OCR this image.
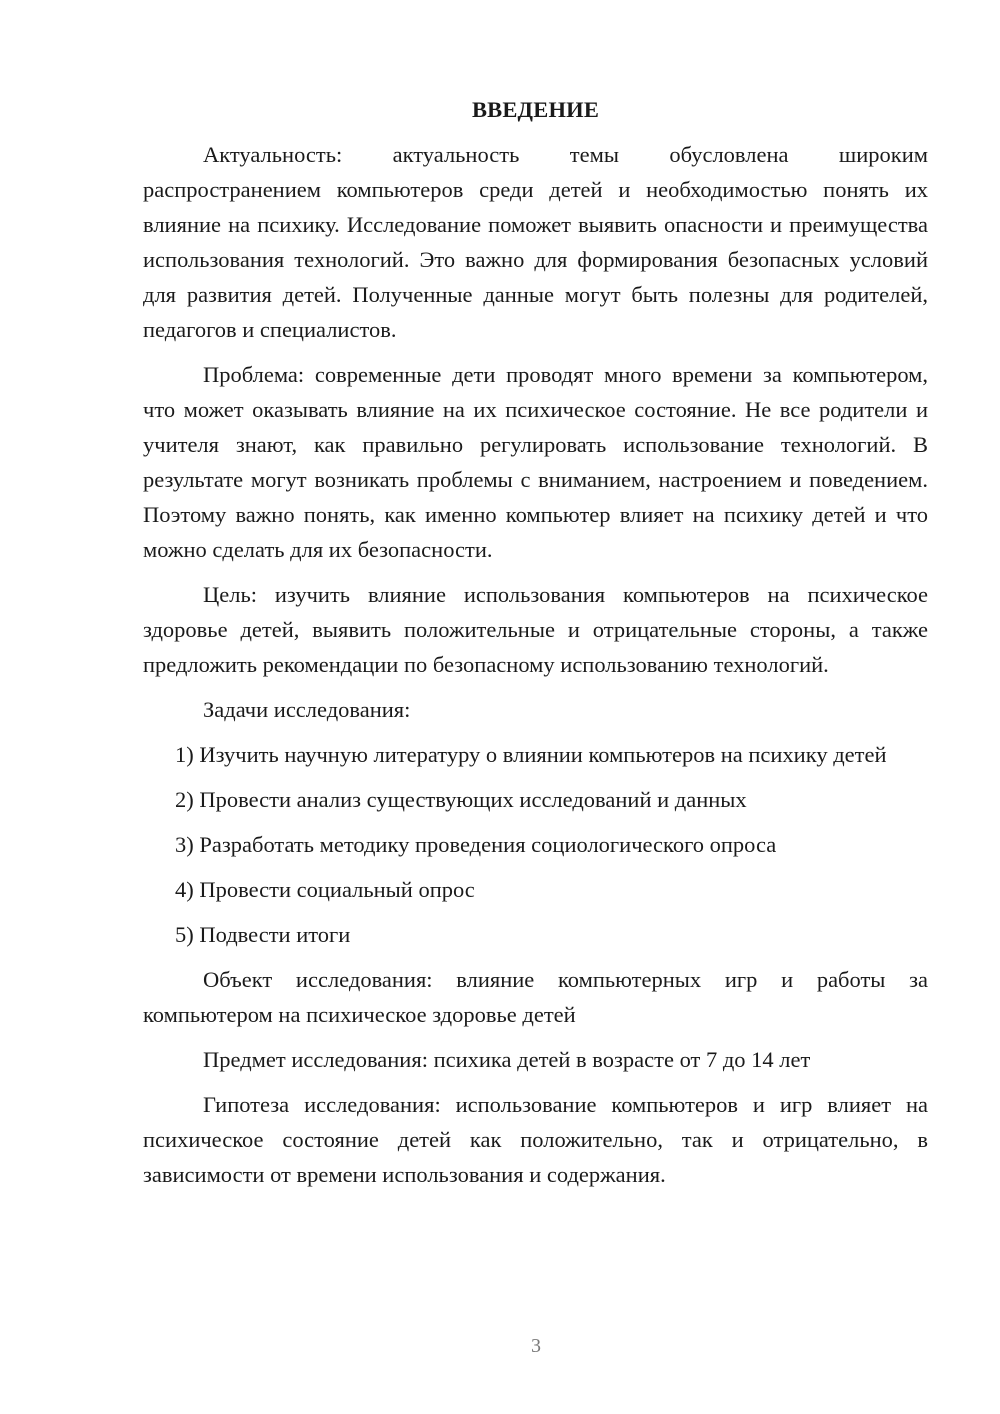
ВВЕДЕНИЕ

Актуальность: актуальность темы обусловлена широким распространением компьютеров среди детей и необходимостью понять их влияние на психику. Исследование поможет выявить опасности и преимущества использования технологий. Это важно для формирования безопасных условий для развития детей. Полученные данные могут быть полезны для родителей, педагогов и специалистов.

Проблема: современные дети проводят много времени за компьютером, что может оказывать влияние на их психическое состояние. Не все родители и учителя знают, как правильно регулировать использование технологий. В результате могут возникать проблемы с вниманием, настроением и поведением. Поэтому важно понять, как именно компьютер влияет на психику детей и что можно сделать для их безопасности.

Цель: изучить влияние использования компьютеров на психическое здоровье детей, выявить положительные и отрицательные стороны, а также предложить рекомендации по безопасному использованию технологий.

Задачи исследования:

1) Изучить научную литературу о влиянии компьютеров на психику детей

2) Провести анализ существующих исследований и данных

3) Разработать методику проведения социологического опроса

4) Провести социальный опрос

5) Подвести итоги

Объект исследования: влияние компьютерных игр и работы за компьютером на психическое здоровье детей

Предмет исследования: психика детей в возрасте от 7 до 14 лет

Гипотеза исследования: использование компьютеров и игр влияет на психическое состояние детей как положительно, так и отрицательно, в зависимости от времени использования и содержания.

3
